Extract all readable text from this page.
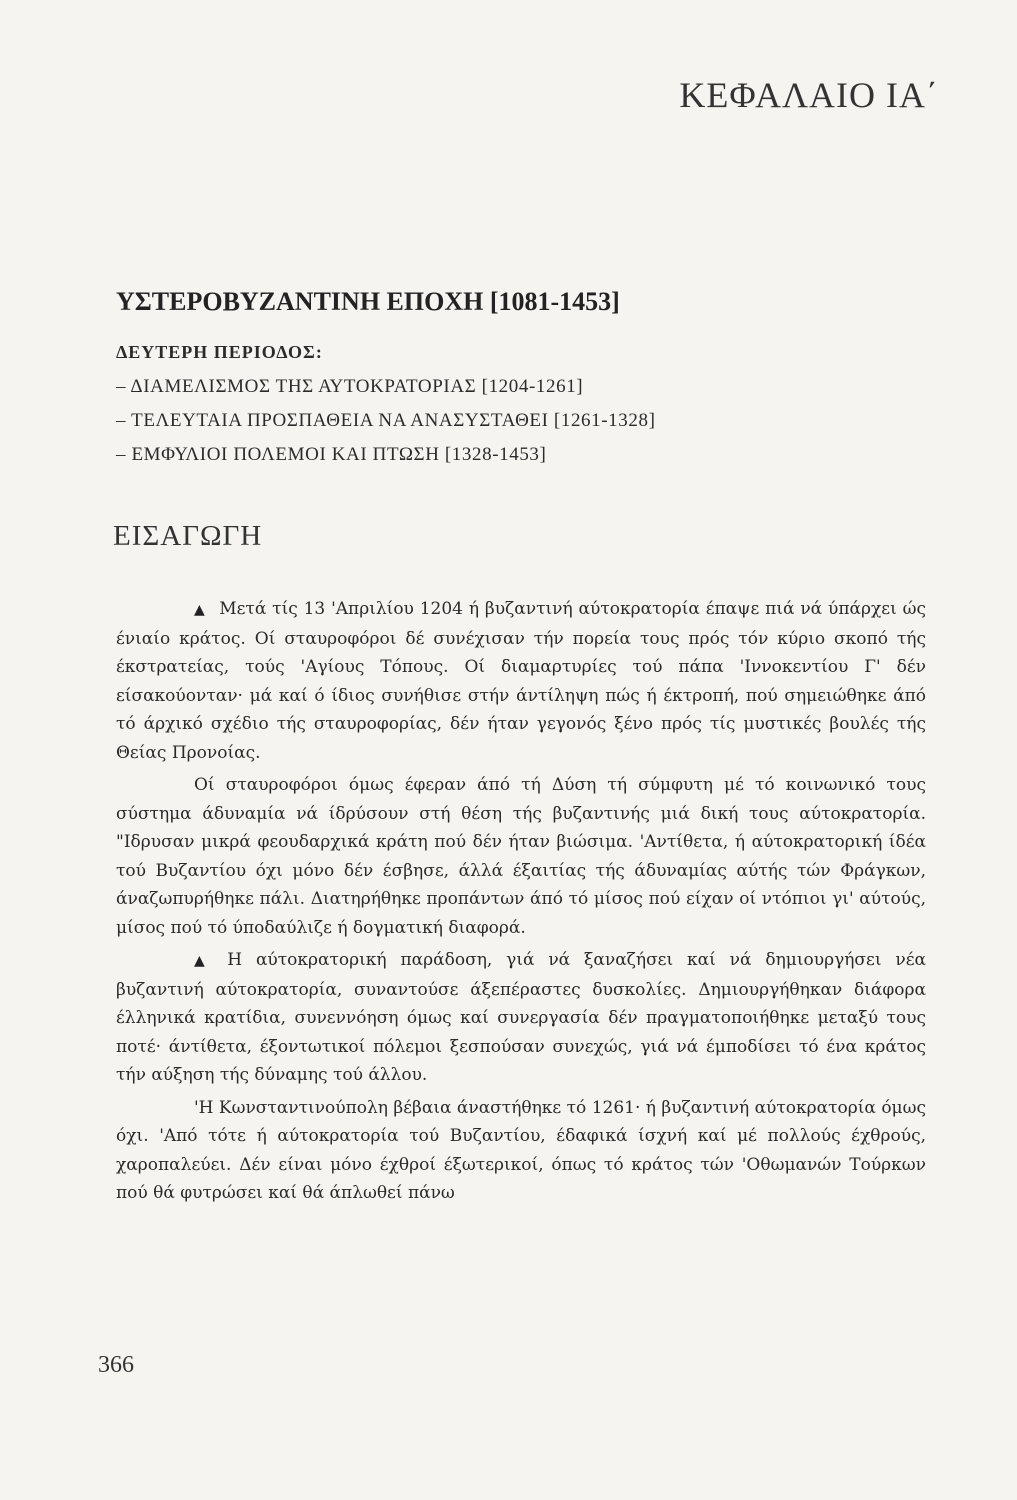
ΚΕΦΑΛΑΙΟ ΙΑ΄
ΥΣΤΕΡΟΒΥΖΑΝΤΙΝΗ ΕΠΟΧΗ [1081-1453]
ΔΕΥΤΕΡΗ ΠΕΡΙΟΔΟΣ:
– ΔΙΑΜΕΛΙΣΜΟΣ ΤΗΣ ΑΥΤΟΚΡΑΤΟΡΙΑΣ [1204-1261]
– ΤΕΛΕΥΤΑΙΑ ΠΡΟΣΠΑΘΕΙΑ ΝΑ ΑΝΑΣΥΣΤΑΘΕΙ [1261-1328]
– ΕΜΦΥΛΙΟΙ ΠΟΛΕΜΟΙ ΚΑΙ ΠΤΩΣΗ [1328-1453]
ΕΙΣΑΓΩΓΗ

▲ Μετά τίς 13 'Απριλίου 1204 ή βυζαντινή αύτοκρατορία έπαψε πιά νά ύπάρχει ώς ένιαίο κράτος. Οί σταυροφόροι δέ συνέχισαν τήν πορεία τους πρός τόν κύριο σκοπό τής έκστρατείας, τούς 'Αγίους Τόπους. Οί διαμαρτυρίες τού πάπα 'Ιννοκεντίου Γ' δέν είσακούονταν· μά καί ό ίδιος συνήθισε στήν άντίληψη πώς ή έκτροπή, πού σημειώθηκε άπό τό άρχικό σχέδιο τής σταυροφορίας, δέν ήταν γεγονός ξένο πρός τίς μυστικές βουλές τής Θείας Προνοίας.

Οί σταυροφόροι όμως έφεραν άπό τή Δύση τή σύμφυτη μέ τό κοινωνικό τους σύστημα άδυναμία νά ίδρύσουν στή θέση τής βυζαντινής μιά δική τους αύτοκρατορία. "Ιδρυσαν μικρά φεουδαρχικά κράτη πού δέν ήταν βιώσιμα. 'Αντίθετα, ή αύτοκρατορική ίδέα τού Βυζαντίου όχι μόνο δέν έσβησε, άλλά έξαιτίας τής άδυναμίας αύτής τών Φράγκων, άναζωπυρήθηκε πάλι. Διατηρήθηκε προπάντων άπό τό μίσος πού είχαν οί ντόπιοι γι' αύτούς, μίσος πού τό ύποδαύλιζε ή δογματική διαφορά.

▲ Η αύτοκρατορική παράδοση, γιά νά ξαναζήσει καί νά δημιουργήσει νέα βυζαντινή αύτοκρατορία, συναντούσε άξεπέραστες δυσκολίες. Δημιουργήθηκαν διάφορα έλληνικά κρατίδια, συνεννόηση όμως καί συνεργασία δέν πραγματοποιήθηκε μεταξύ τους ποτέ· άντίθετα, έξοντωτικοί πόλεμοι ξεσπούσαν συνεχώς, γιά νά έμποδίσει τό ένα κράτος τήν αύξηση τής δύναμης τού άλλου.

'Η Κωνσταντινούπολη βέβαια άναστήθηκε τό 1261· ή βυζαντινή αύτοκρατορία όμως όχι. 'Από τότε ή αύτοκρατορία τού Βυζαντίου, έδαφικά ίσχνή καί μέ πολλούς έχθρούς, χαροπαλεύει. Δέν είναι μόνο έχθροί έξωτερικοί, όπως τό κράτος τών 'Οθωμανών Τούρκων πού θά φυτρώσει καί θά άπλωθεί πάνω

366
